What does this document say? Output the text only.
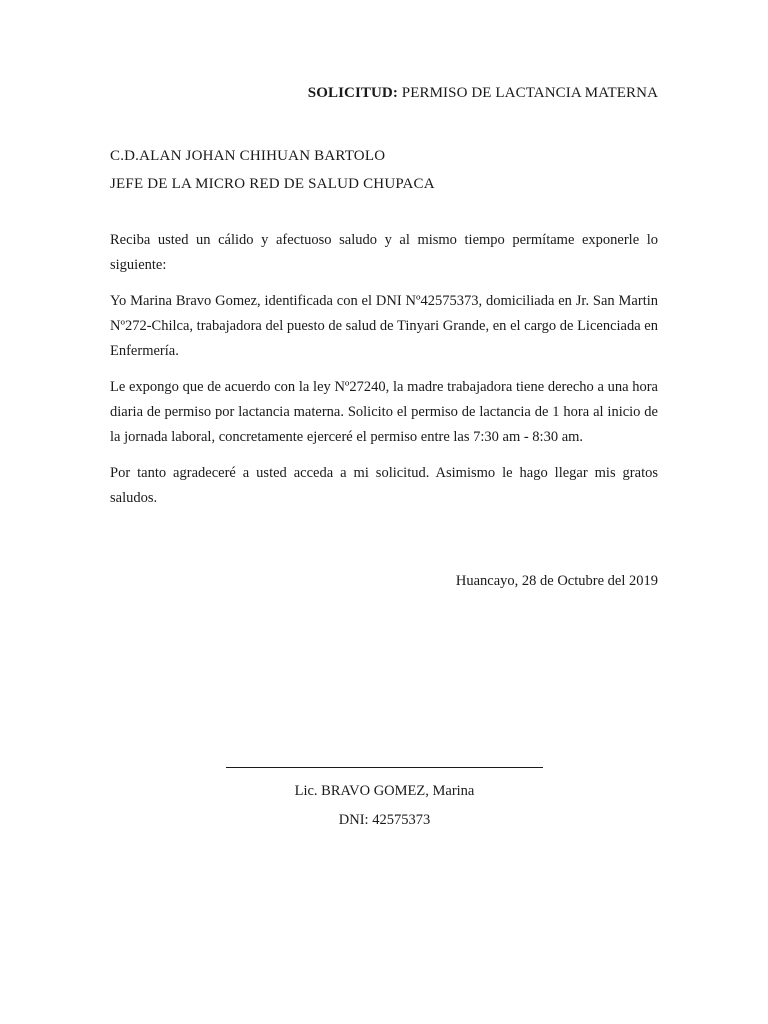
SOLICITUD: PERMISO DE LACTANCIA MATERNA
C.D.ALAN JOHAN CHIHUAN BARTOLO
JEFE DE LA MICRO RED DE SALUD CHUPACA

Reciba usted un cálido y afectuoso saludo y al mismo tiempo permítame exponerle lo siguiente:

Yo Marina Bravo Gomez, identificada con el DNI Nº42575373, domiciliada en Jr. San Martin Nº272-Chilca, trabajadora del puesto de salud de Tinyari Grande, en el cargo de Licenciada en Enfermería.

Le expongo que de acuerdo con la ley Nº27240, la madre trabajadora tiene derecho a una hora diaria de permiso por lactancia materna. Solicito el permiso de lactancia de 1 hora al inicio de la jornada laboral, concretamente ejerceré el permiso entre las 7:30 am - 8:30 am.

Por tanto agradeceré a usted acceda a mi solicitud. Asimismo le hago llegar mis gratos saludos.

Huancayo, 28 de Octubre del 2019
Lic. BRAVO GOMEZ, Marina
DNI: 42575373
